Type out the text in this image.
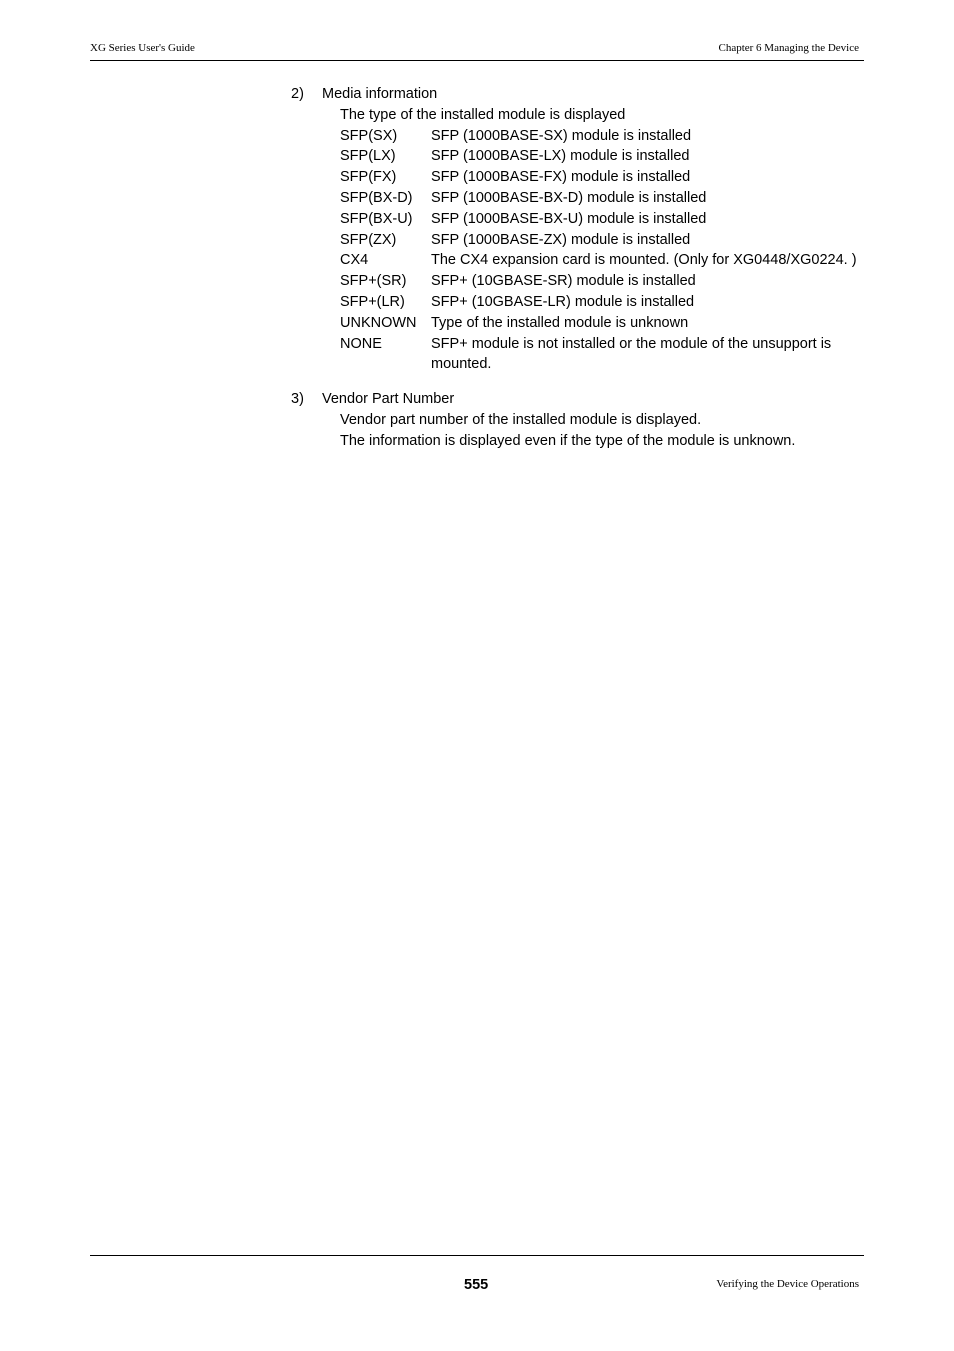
XG Series User's Guide	Chapter 6 Managing the Device
2)	Media information
The type of the installed module is displayed
SFP(SX)	SFP (1000BASE-SX) module is installed
SFP(LX)	SFP (1000BASE-LX) module is installed
SFP(FX)	SFP (1000BASE-FX) module is installed
SFP(BX-D)	SFP (1000BASE-BX-D) module is installed
SFP(BX-U)	SFP (1000BASE-BX-U) module is installed
SFP(ZX)	SFP (1000BASE-ZX) module is installed
CX4	The CX4 expansion card is mounted. (Only for XG0448/XG0224. )
SFP+(SR)	SFP+ (10GBASE-SR) module is installed
SFP+(LR)	SFP+ (10GBASE-LR) module is installed
UNKNOWN	Type of the installed module is unknown
NONE	SFP+ module is not installed or the module of the unsupport is mounted.
3)	Vendor Part Number
Vendor part number of the installed module is displayed.
The information is displayed even if the type of the module is unknown.
555	Verifying the Device Operations
